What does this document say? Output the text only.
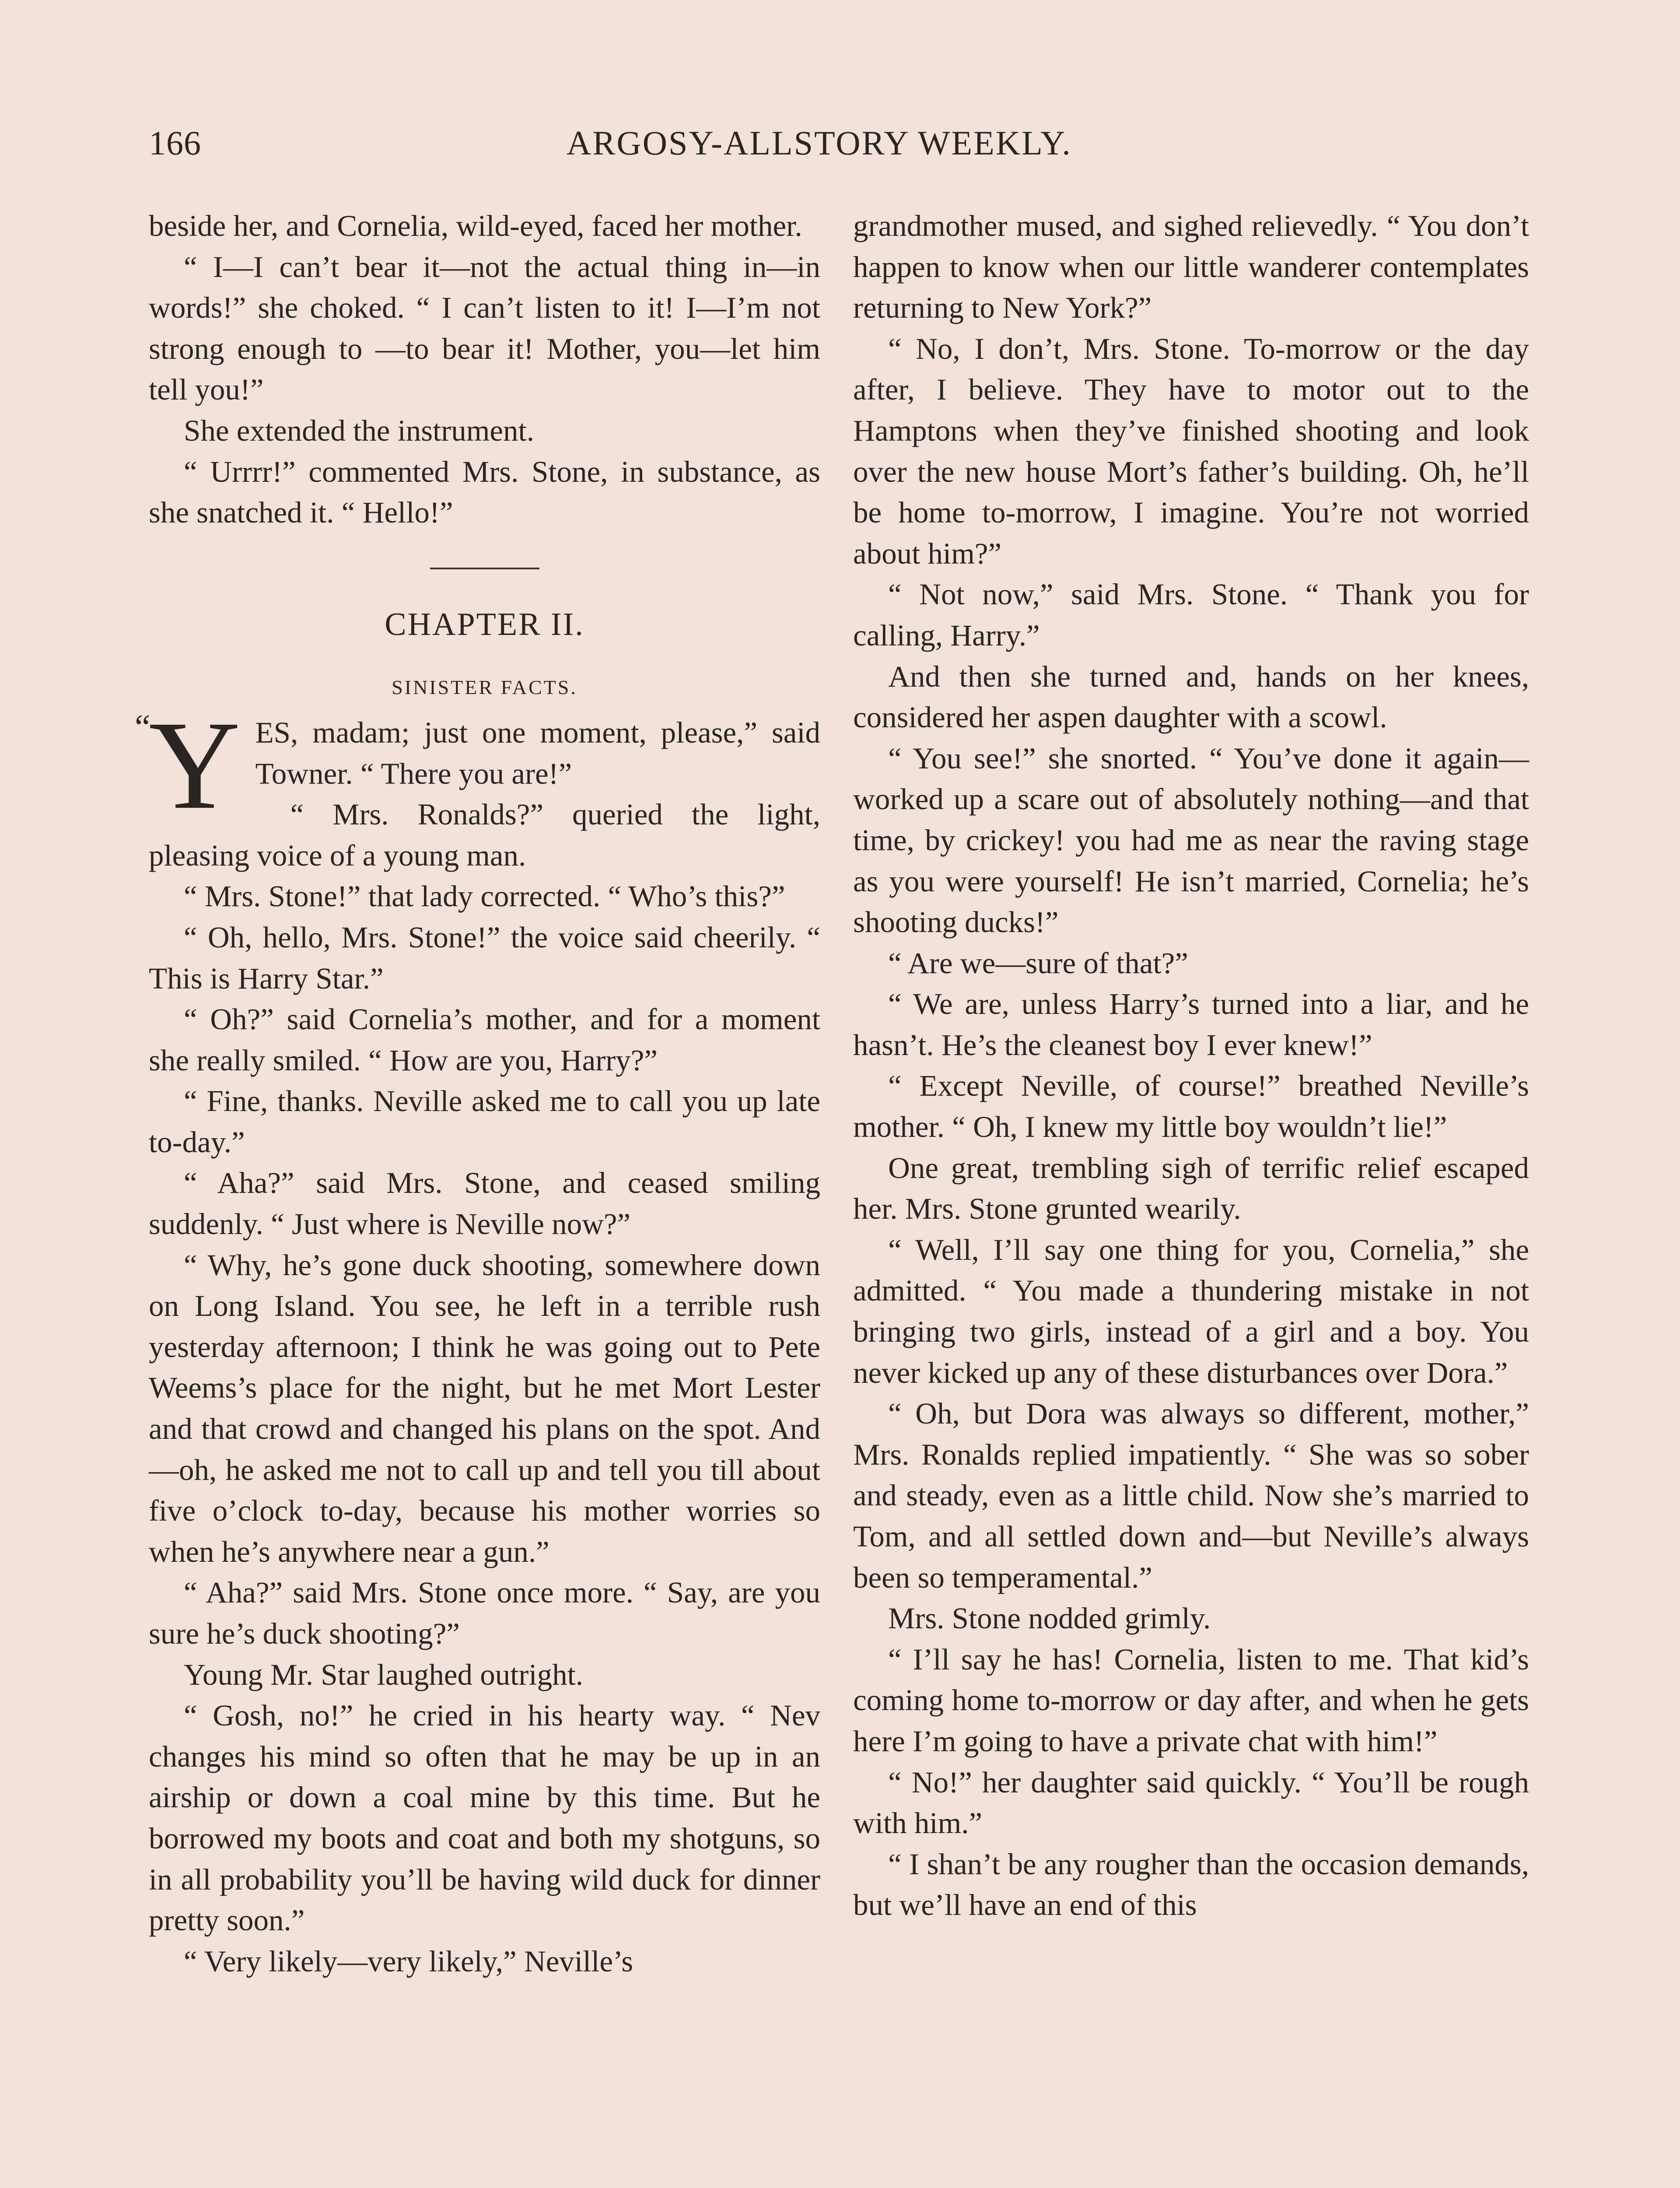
166	ARGOSY-ALLSTORY WEEKLY.

beside her, and Cornelia, wild-eyed, faced her mother.

“ I—I can’t bear it—not the actual thing in—in words!” she choked. “ I can’t listen to it! I—I’m not strong enough to —to bear it! Mother, you—let him tell you!”

She extended the instrument.

“ Urrrr!” commented Mrs. Stone, in substance, as she snatched it. “ Hello!”

CHAPTER II.
SINISTER FACTS.

“
Y ES, madam; just one moment, please,” said Towner. “ There you are!”

“ Mrs. Ronalds?” queried the light, pleasing voice of a young man.

“ Mrs. Stone!” that lady corrected. “ Who’s this?”

“ Oh, hello, Mrs. Stone!” the voice said cheerily. “ This is Harry Star.”

“ Oh?” said Cornelia’s mother, and for a moment she really smiled. “ How are you, Harry?”

“ Fine, thanks. Neville asked me to call you up late to-day.”

“ Aha?” said Mrs. Stone, and ceased smiling suddenly. “ Just where is Neville now?”

“ Why, he’s gone duck shooting, somewhere down on Long Island. You see, he left in a terrible rush yesterday afternoon; I think he was going out to Pete Weems’s place for the night, but he met Mort Lester and that crowd and changed his plans on the spot. And—oh, he asked me not to call up and tell you till about five o’clock to-day, because his mother worries so when he’s anywhere near a gun.”

“ Aha?” said Mrs. Stone once more. “ Say, are you sure he’s duck shooting?”

Young Mr. Star laughed outright.

“ Gosh, no!” he cried in his hearty way. “ Nev changes his mind so often that he may be up in an airship or down a coal mine by this time. But he borrowed my boots and coat and both my shotguns, so in all probability you’ll be having wild duck for dinner pretty soon.”

“ Very likely—very likely,” Neville’s

grandmother mused, and sighed relievedly. “ You don’t happen to know when our little wanderer contemplates returning to New York?”

“ No, I don’t, Mrs. Stone. To-morrow or the day after, I believe. They have to motor out to the Hamptons when they’ve finished shooting and look over the new house Mort’s father’s building. Oh, he’ll be home to-morrow, I imagine. You’re not worried about him?”

“ Not now,” said Mrs. Stone. “ Thank you for calling, Harry.”

And then she turned and, hands on her knees, considered her aspen daughter with a scowl.

“ You see!” she snorted. “ You’ve done it again—worked up a scare out of absolutely nothing—and that time, by crickey! you had me as near the raving stage as you were yourself! He isn’t married, Cornelia; he’s shooting ducks!”

“ Are we—sure of that?”

“ We are, unless Harry’s turned into a liar, and he hasn’t. He’s the cleanest boy I ever knew!”

“ Except Neville, of course!” breathed Neville’s mother. “ Oh, I knew my little boy wouldn’t lie!”

One great, trembling sigh of terrific relief escaped her. Mrs. Stone grunted wearily.

“ Well, I’ll say one thing for you, Cornelia,” she admitted. “ You made a thundering mistake in not bringing two girls, instead of a girl and a boy. You never kicked up any of these disturbances over Dora.”

“ Oh, but Dora was always so different, mother,” Mrs. Ronalds replied impatiently. “ She was so sober and steady, even as a little child. Now she’s married to Tom, and all settled down and—but Neville’s always been so temperamental.”

Mrs. Stone nodded grimly.

“ I’ll say he has! Cornelia, listen to me. That kid’s coming home to-morrow or day after, and when he gets here I’m going to have a private chat with him!”

“ No!” her daughter said quickly. “ You’ll be rough with him.”

“ I shan’t be any rougher than the occasion demands, but we’ll have an end of this
